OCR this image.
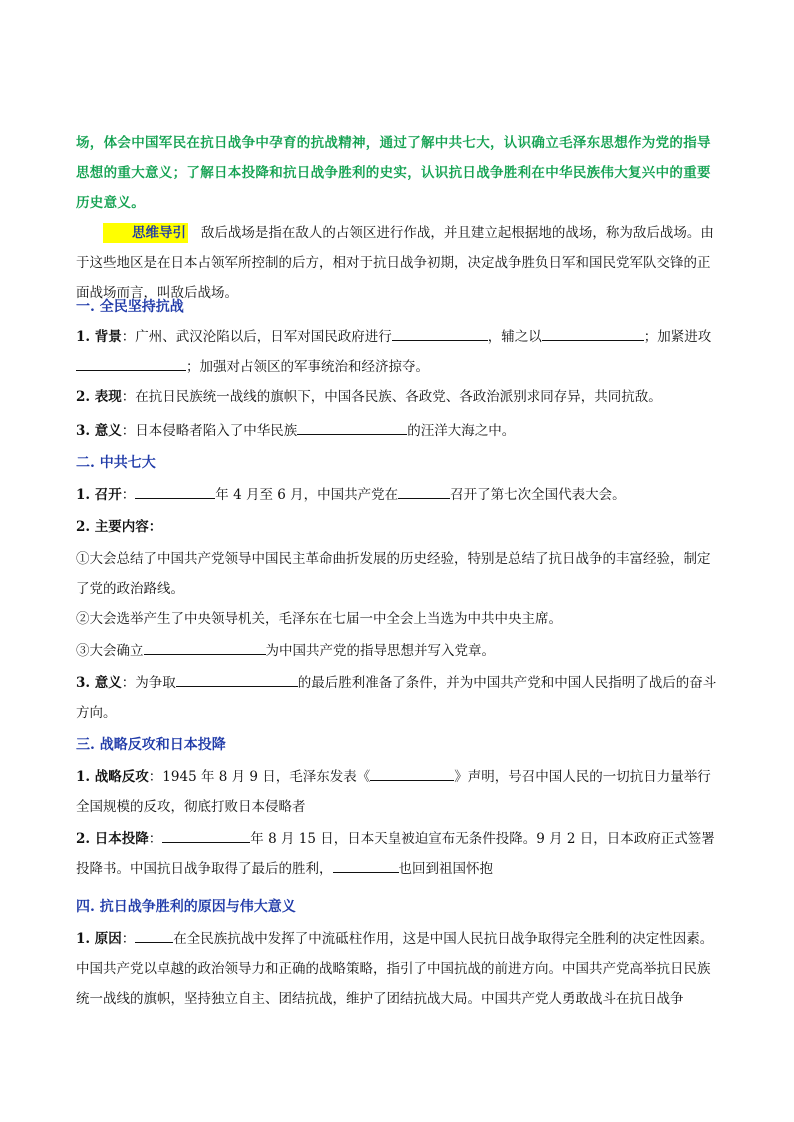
场，体会中国军民在抗日战争中孕育的抗战精神，通过了解中共七大，认识确立毛泽东思想作为党的指导思想的重大意义；了解日本投降和抗日战争胜利的史实，认识抗日战争胜利在中华民族伟大复兴中的重要历史意义。
思维导引 敌后战场是指在敌人的占领区进行作战，并且建立起根据地的战场，称为敌后战场。由于这些地区是在日本占领军所控制的后方，相对于抗日战争初期，决定战争胜负日军和国民党军队交锋的正面战场而言，叫敌后战场。
一. 全民坚持抗战
1. 背景：广州、武汉沦陷以后，日军对国民政府进行	，辅之以	；加紧进攻；加强对占领区的军事统治和经济掠夺。
2. 表现：在抗日民族统一战线的旗帜下，中国各民族、各政党、各政治派别求同存异，共同抗敌。
3. 意义：日本侵略者陷入了中华民族	的汪洋大海之中。
二. 中共七大
1. 召开：	年 4 月至 6 月，中国共产党在	召开了第七次全国代表大会。
2. 主要内容：
①大会总结了中国共产党领导中国民主革命曲折发展的历史经验，特别是总结了抗日战争的丰富经验，制定了党的政治路线。
②大会选举产生了中央领导机关，毛泽东在七届一中全会上当选为中共中央主席。
③大会确立	为中国共产党的指导思想并写入党章。
3. 意义：为争取	的最后胜利准备了条件，并为中国共产党和中国人民指明了战后的奋斗方向。
三. 战略反攻和日本投降
1. 战略反攻：1945 年 8 月 9 日，毛泽东发表《	》声明，号召中国人民的一切抗日力量举行全国规模的反攻，彻底打败日本侵略者
2. 日本投降：	年 8 月 15 日，日本天皇被迫宣布无条件投降。9 月 2 日，日本政府正式签署投降书。中国抗日战争取得了最后的胜利，	也回到祖国怀抱
四. 抗日战争胜利的原因与伟大意义
1. 原因：	在全民族抗战中发挥了中流砥柱作用，这是中国人民抗日战争取得完全胜利的决定性因素。中国共产党以卓越的政治领导力和正确的战略策略，指引了中国抗战的前进方向。中国共产党高举抗日民族统一战线的旗帜，坚持独立自主、团结抗战，维护了团结抗战大局。中国共产党人勇敢战斗在抗日战争
